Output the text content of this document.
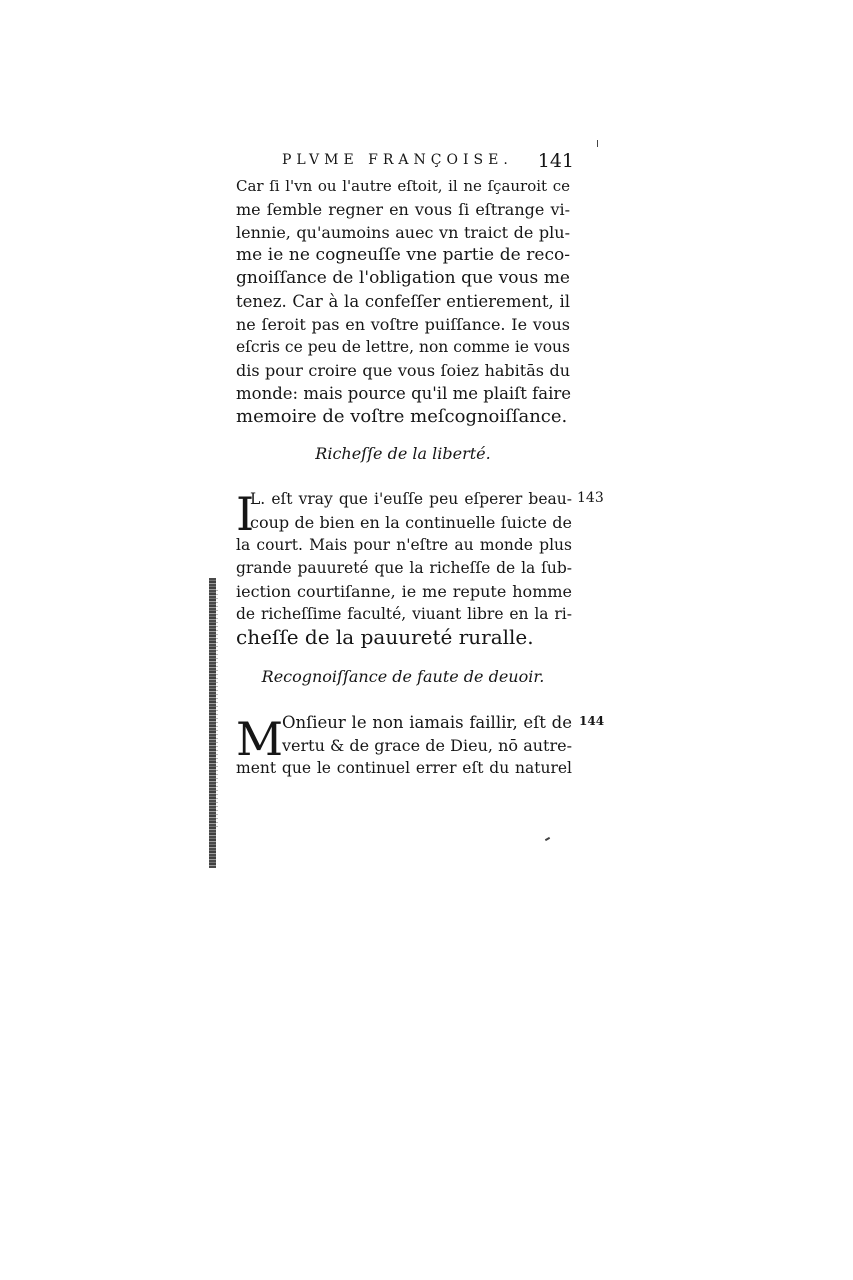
PLVME FRANÇOISE. 141
Car ſi l'vn ou l'autre eſtoit, il ne ſçauroit ce
me ſemble regner en vous ſi eſtrange vi-
lennie, qu'aumoins auec vn traict de plu-
me ie ne cogneuſſe vne partie de reco-
gnoiſſance de l'obligation que vous me
tenez. Car à la confeſſer entierement, il
ne ſeroit pas en voſtre puiſſance. Ie vous
eſcris ce peu de lettre, non comme ie vous
dis pour croire que vous ſoiez habitās du
monde: mais pource qu'il me plaiſt faire
memoire de voſtre meſcognoiſſance.
Richeſſe de la liberté.
I
L. eſt vray que i'euſſe peu eſperer beau-
coup de bien en la continuelle ſuicte de
la court. Mais pour n'eſtre au monde plus
grande pauureté que la richeſſe de la ſub-
iection courtiſanne, ie me repute homme
de richeſſime faculté, viuant libre en la ri-
cheſſe de la pauureté ruralle.
143
Recognoiſſance de faute de deuoir.
M
Onſieur le non iamais faillir, eſt de
vertu & de grace de Dieu, nō autre-
ment que le continuel errer eſt du naturel
144
